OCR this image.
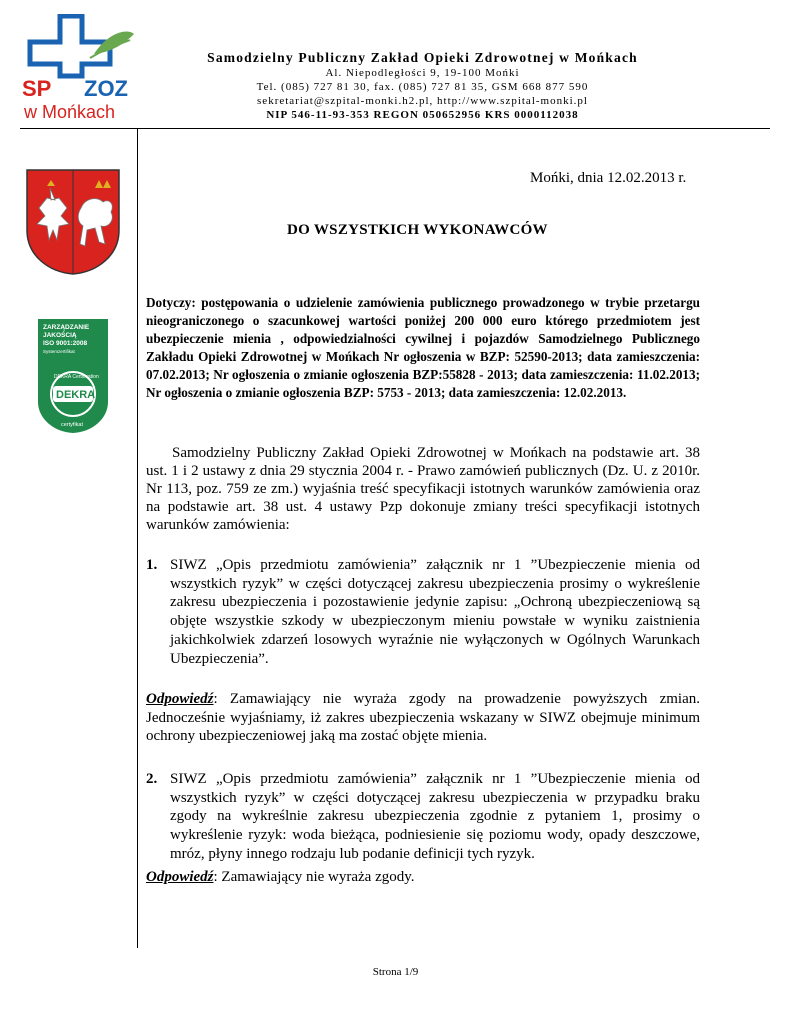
SP ZOZ
w Mońkach
Samodzielny Publiczny Zakład Opieki Zdrowotnej w Mońkach
Al. Niepodległości 9, 19-100 Mońki
Tel. (085) 727 81 30, fax. (085) 727 81 35, GSM 668 877 590
sekretariat@szpital-monki.h2.pl, http://www.szpital-monki.pl
NIP 546-11-93-353 REGON 050652956 KRS 0000112038
ZARZĄDZANIE
JAKOŚCIĄ
ISO 9001:2008
Systemzertifikat
DEKRA Certification
DEKRA
certyfikat
Mońki, dnia 12.02.2013 r.
DO WSZYSTKICH WYKONAWCÓW
Dotyczy: postępowania o udzielenie zamówienia publicznego prowadzonego w trybie przetargu nieograniczonego o szacunkowej wartości poniżej 200 000 euro którego przedmiotem jest ubezpieczenie mienia , odpowiedzialności cywilnej i pojazdów Samodzielnego Publicznego Zakładu Opieki Zdrowotnej w Mońkach Nr ogłoszenia w BZP: 52590-2013; data zamieszczenia: 07.02.2013; Nr ogłoszenia o zmianie ogłoszenia BZP:55828 - 2013; data zamieszczenia: 11.02.2013; Nr ogłoszenia o zmianie ogłoszenia BZP: 5753 - 2013; data zamieszczenia: 12.02.2013.
Samodzielny Publiczny Zakład Opieki Zdrowotnej w Mońkach na podstawie art. 38 ust. 1 i 2 ustawy z dnia 29 stycznia 2004 r. - Prawo zamówień publicznych (Dz. U. z 2010r. Nr 113, poz. 759 ze zm.) wyjaśnia treść specyfikacji istotnych warunków zamówienia oraz na podstawie art. 38 ust. 4 ustawy Pzp dokonuje zmiany treści specyfikacji istotnych warunków zamówienia:
1. SIWZ „Opis przedmiotu zamówienia” załącznik nr 1 ”Ubezpieczenie mienia od wszystkich ryzyk” w części dotyczącej zakresu ubezpieczenia prosimy o wykreślenie zakresu ubezpieczenia i pozostawienie jedynie zapisu: „Ochroną ubezpieczeniową są objęte wszystkie szkody w ubezpieczonym mieniu powstałe w wyniku zaistnienia jakichkolwiek zdarzeń losowych wyraźnie nie wyłączonych w Ogólnych Warunkach Ubezpieczenia”.
Odpowiedź: Zamawiający nie wyraża zgody na prowadzenie powyższych zmian. Jednocześnie wyjaśniamy, iż zakres ubezpieczenia wskazany w SIWZ obejmuje minimum ochrony ubezpieczeniowej jaką ma zostać objęte mienia.
2. SIWZ „Opis przedmiotu zamówienia” załącznik nr 1 ”Ubezpieczenie mienia od wszystkich ryzyk” w części dotyczącej zakresu ubezpieczenia w przypadku braku zgody na wykreślnie zakresu ubezpieczenia zgodnie z pytaniem 1, prosimy o wykreślenie ryzyk: woda bieżąca, podniesienie się poziomu wody, opady deszczowe, mróz, płyny innego rodzaju lub podanie definicji tych ryzyk.
Odpowiedź: Zamawiający nie wyraża zgody.
Strona 1/9
